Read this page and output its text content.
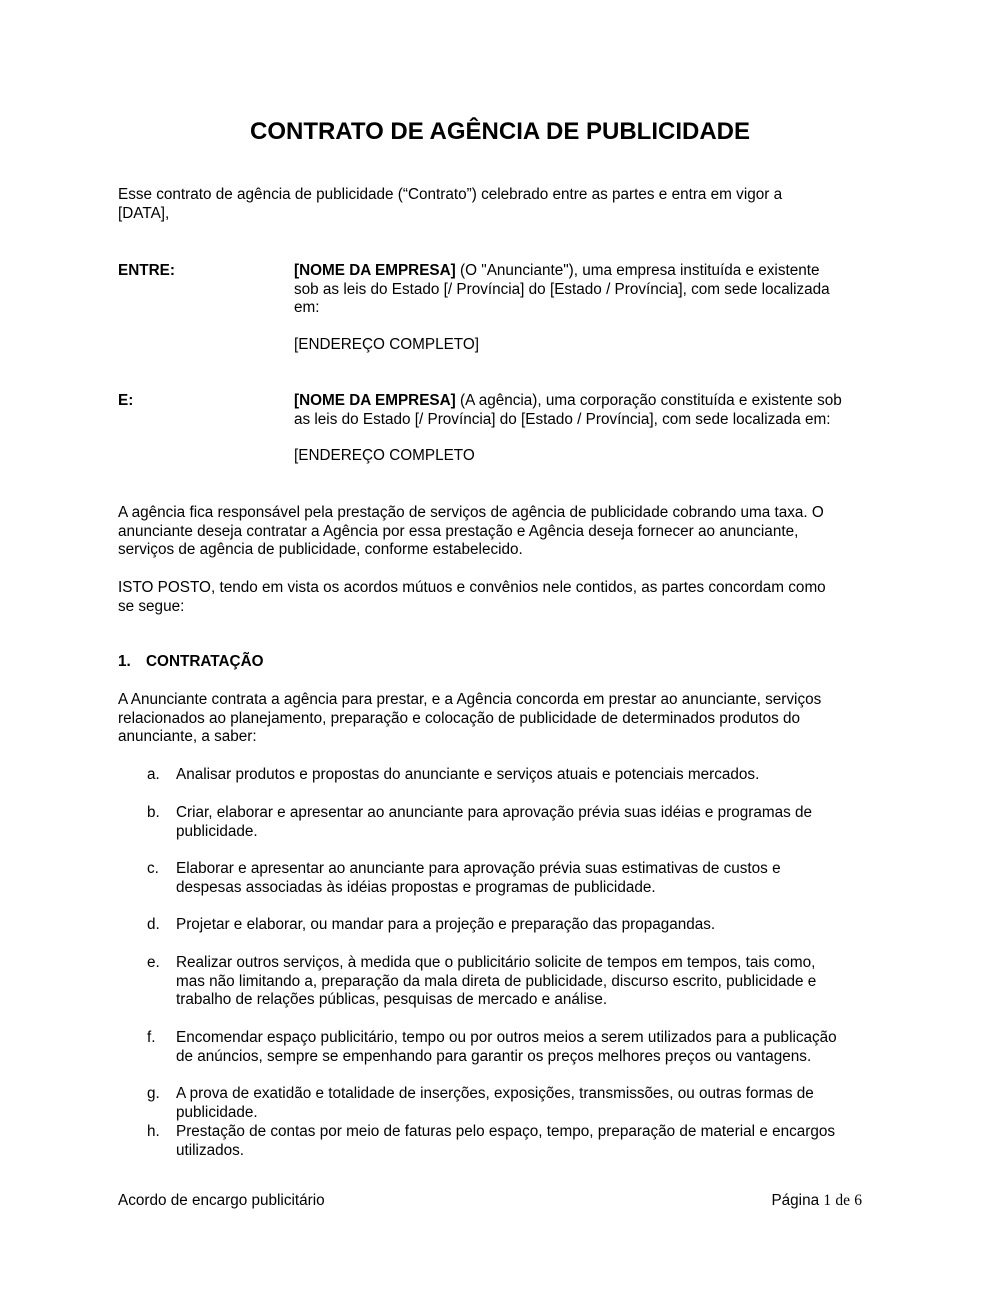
CONTRATO DE AGÊNCIA DE PUBLICIDADE
Esse contrato de agência de publicidade (“Contrato”) celebrado entre as partes e entra em vigor a
[DATA],
ENTRE:	[NOME DA EMPRESA] (O "Anunciante"), uma empresa instituída e existente
sob as leis do Estado [/ Província] do [Estado / Província], com sede localizada
em:
[ENDEREÇO COMPLETO]
E:	[NOME DA EMPRESA] (A agência), uma corporação constituída e existente sob
as leis do Estado [/ Província] do [Estado / Província], com sede localizada em:
[ENDEREÇO COMPLETO
A agência fica responsável pela prestação de serviços de agência de publicidade cobrando uma taxa. O
anunciante deseja contratar a Agência por essa prestação e Agência deseja fornecer ao anunciante,
serviços de agência de publicidade, conforme estabelecido.
ISTO POSTO, tendo em vista os acordos mútuos e convênios nele contidos, as partes concordam como
se segue:
1. CONTRATAÇÃO
A Anunciante contrata a agência para prestar, e a Agência concorda em prestar ao anunciante, serviços
relacionados ao planejamento, preparação e colocação de publicidade de determinados produtos do
anunciante, a saber:
a.	Analisar produtos e propostas do anunciante e serviços atuais e potenciais mercados.
b.	Criar, elaborar e apresentar ao anunciante para aprovação prévia suas idéias e programas de
publicidade.
c.	Elaborar e apresentar ao anunciante para aprovação prévia suas estimativas de custos e
despesas associadas às idéias propostas e programas de publicidade.
d.	Projetar e elaborar, ou mandar para a projeção e preparação das propagandas.
e.	Realizar outros serviços, à medida que o publicitário solicite de tempos em tempos, tais como,
mas não limitando a, preparação da mala direta de publicidade, discurso escrito, publicidade e
trabalho de relações públicas, pesquisas de mercado e análise.
f.	Encomendar espaço publicitário, tempo ou por outros meios a serem utilizados para a publicação
de anúncios, sempre se empenhando para garantir os preços melhores preços ou vantagens.
g.	A prova de exatidão e totalidade de inserções, exposições, transmissões, ou outras formas de
publicidade.
h.	Prestação de contas por meio de faturas pelo espaço, tempo, preparação de material e encargos
utilizados.
Acordo de encargo publicitário	Página 1 de 6
